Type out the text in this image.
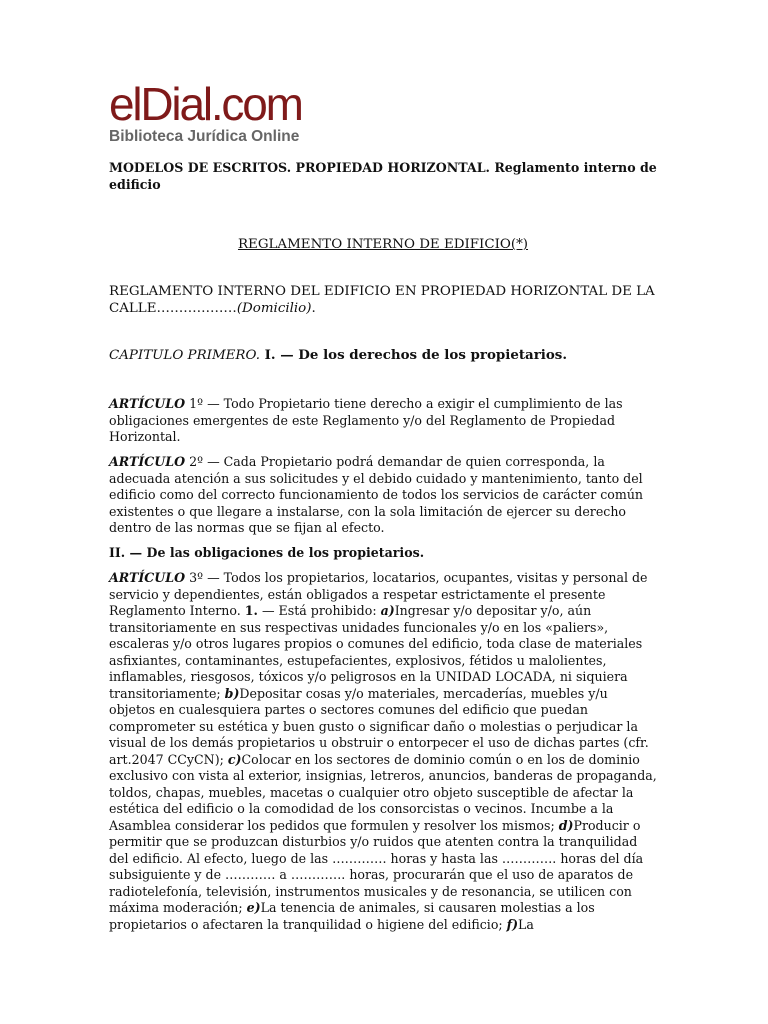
elDial.com
Biblioteca Jurídica Online
MODELOS DE ESCRITOS. PROPIEDAD HORIZONTAL. Reglamento interno de edificio
REGLAMENTO INTERNO DE EDIFICIO(*)

REGLAMENTO INTERNO DEL EDIFICIO EN PROPIEDAD HORIZONTAL DE LA CALLE………………(Domicilio).

CAPITULO PRIMERO. I. — De los derechos de los propietarios.

ARTÍCULO 1º — Todo Propietario tiene derecho a exigir el cumplimiento de las obligaciones emergentes de este Reglamento y/o del Reglamento de Propiedad Horizontal.

ARTÍCULO 2º — Cada Propietario podrá demandar de quien corresponda, la adecuada atención a sus solicitudes y el debido cuidado y mantenimiento, tanto del edificio como del correcto funcionamiento de todos los servicios de carácter común existentes o que llegare a instalarse, con la sola limitación de ejercer su derecho dentro de las normas que se fijan al efecto.

II. — De las obligaciones de los propietarios.

ARTÍCULO 3º — Todos los propietarios, locatarios, ocupantes, visitas y personal de servicio y dependientes, están obligados a respetar estrictamente el presente Reglamento Interno. 1. — Está prohibido: a)Ingresar y/o depositar y/o, aún transitoriamente en sus respectivas unidades funcionales y/o en los «paliers», escaleras y/o otros lugares propios o comunes del edificio, toda clase de materiales asfixiantes, contaminantes, estupefacientes, explosivos, fétidos u malolientes, inflamables, riesgosos, tóxicos y/o peligrosos en la UNIDAD LOCADA, ni siquiera transitoriamente; b)Depositar cosas y/o materiales, mercaderías, muebles y/u objetos en cualesquiera partes o sectores comunes del edificio que puedan comprometer su estética y buen gusto o significar daño o molestias o perjudicar la visual de los demás propietarios u obstruir o entorpecer el uso de dichas partes (cfr. art.2047 CCyCN); c)Colocar en los sectores de dominio común o en los de dominio exclusivo con vista al exterior, insignias, letreros, anuncios, banderas de propaganda, toldos, chapas, muebles, macetas o cualquier otro objeto susceptible de afectar la estética del edificio o la comodidad de los consorcistas o vecinos. Incumbe a la Asamblea considerar los pedidos que formulen y resolver los mismos; d)Producir o permitir que se produzcan disturbios y/o ruidos que atenten contra la tranquilidad del edificio. Al efecto, luego de las …………. horas y hasta las …………. horas del día subsiguiente y de ………… a …………. horas, procurarán que el uso de aparatos de radiotelefonía, televisión, instrumentos musicales y de resonancia, se utilicen con máxima moderación; e)La tenencia de animales, si causaren molestias a los propietarios o afectaren la tranquilidad o higiene del edificio; f)La
